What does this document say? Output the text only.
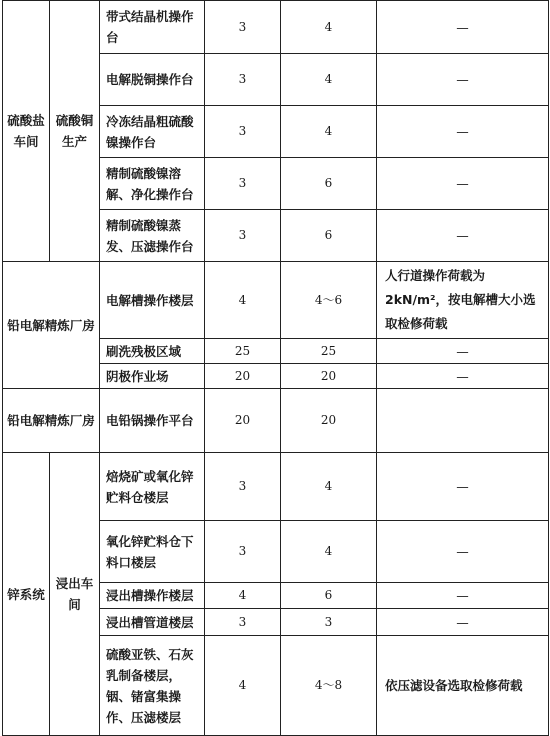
硫酸盐车间	硫酸铜生产	带式结晶机操作台	3	4	—
		电解脱铜操作台	3	4	—
		冷冻结晶粗硫酸镍操作台	3	4	—
		精制硫酸镍溶解、净化操作台	3	6	—
		精制硫酸镍蒸发、压滤操作台	3	6	—
铅电解精炼厂房		电解槽操作楼层	4	4～6	人行道操作荷载为2kN/m²，按电解槽大小选取检修荷载
		刷洗残极区域	25	25	—
		阴极作业场	20	20	—
铅电解精炼厂房		电铅锅操作平台	20	20	
锌系统	浸出车间	焙烧矿或氧化锌贮料仓楼层	3	4	—
		氧化锌贮料仓下料口楼层	3	4	—
		浸出槽操作楼层	4	6	—
		浸出槽管道楼层	3	3	—
		硫酸亚铁、石灰乳制备楼层，铟、锗富集操作、压滤楼层	4	4～8	依压滤设备选取检修荷载
